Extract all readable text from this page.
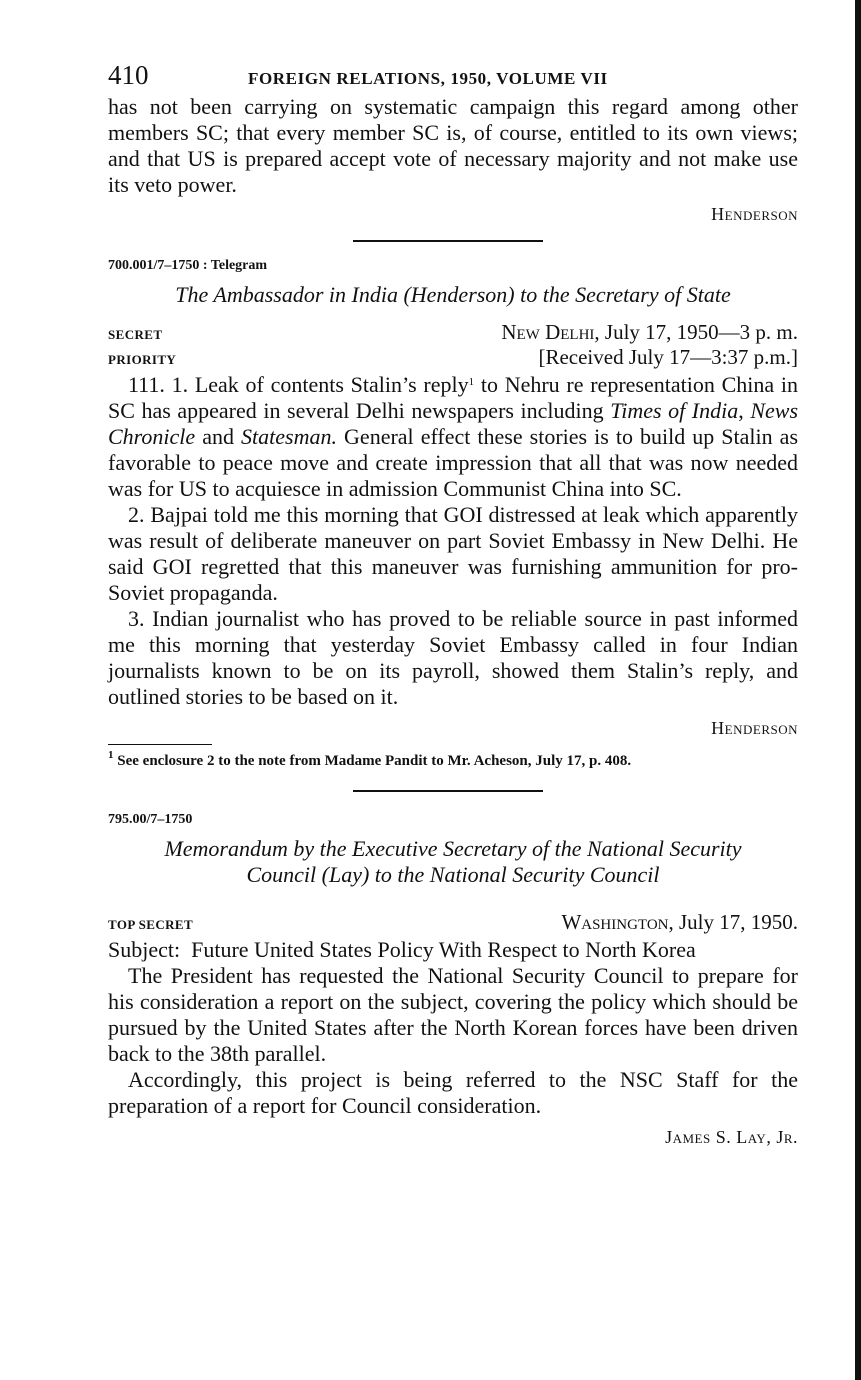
410	FOREIGN RELATIONS, 1950, VOLUME VII

has not been carrying on systematic campaign this regard among other members SC; that every member SC is, of course, entitled to its own views; and that US is prepared accept vote of necessary majority and not make use its veto power.

Henderson
700.001/7–1750 : Telegram
The Ambassador in India (Henderson) to the Secretary of State
SECRET	New Delhi, July 17, 1950—3 p. m.
PRIORITY	[Received July 17—3:37 p.m.]

111. 1. Leak of contents Stalin’s reply$^1$ to Nehru re representation China in SC has appeared in several Delhi newspapers including Times of India, News Chronicle and Statesman. General effect these stories is to build up Stalin as favorable to peace move and create impression that all that was now needed was for US to acquiesce in admission Communist China into SC.

2. Bajpai told me this morning that GOI distressed at leak which apparently was result of deliberate maneuver on part Soviet Embassy in New Delhi. He said GOI regretted that this maneuver was furnishing ammunition for pro-Soviet propaganda.

3. Indian journalist who has proved to be reliable source in past informed me this morning that yesterday Soviet Embassy called in four Indian journalists known to be on its payroll, showed them Stalin’s reply, and outlined stories to be based on it.

Henderson
$^1$ See enclosure 2 to the note from Madame Pandit to Mr. Acheson, July 17, p. 408.
795.00/7–1750
Memorandum by the Executive Secretary of the National Security
Council (Lay) to the National Security Council
TOP SECRET	Washington, July 17, 1950.

Subject: Future United States Policy With Respect to North Korea

The President has requested the National Security Council to prepare for his consideration a report on the subject, covering the policy which should be pursued by the United States after the North Korean forces have been driven back to the 38th parallel.

Accordingly, this project is being referred to the NSC Staff for the preparation of a report for Council consideration.

James S. Lay, Jr.
